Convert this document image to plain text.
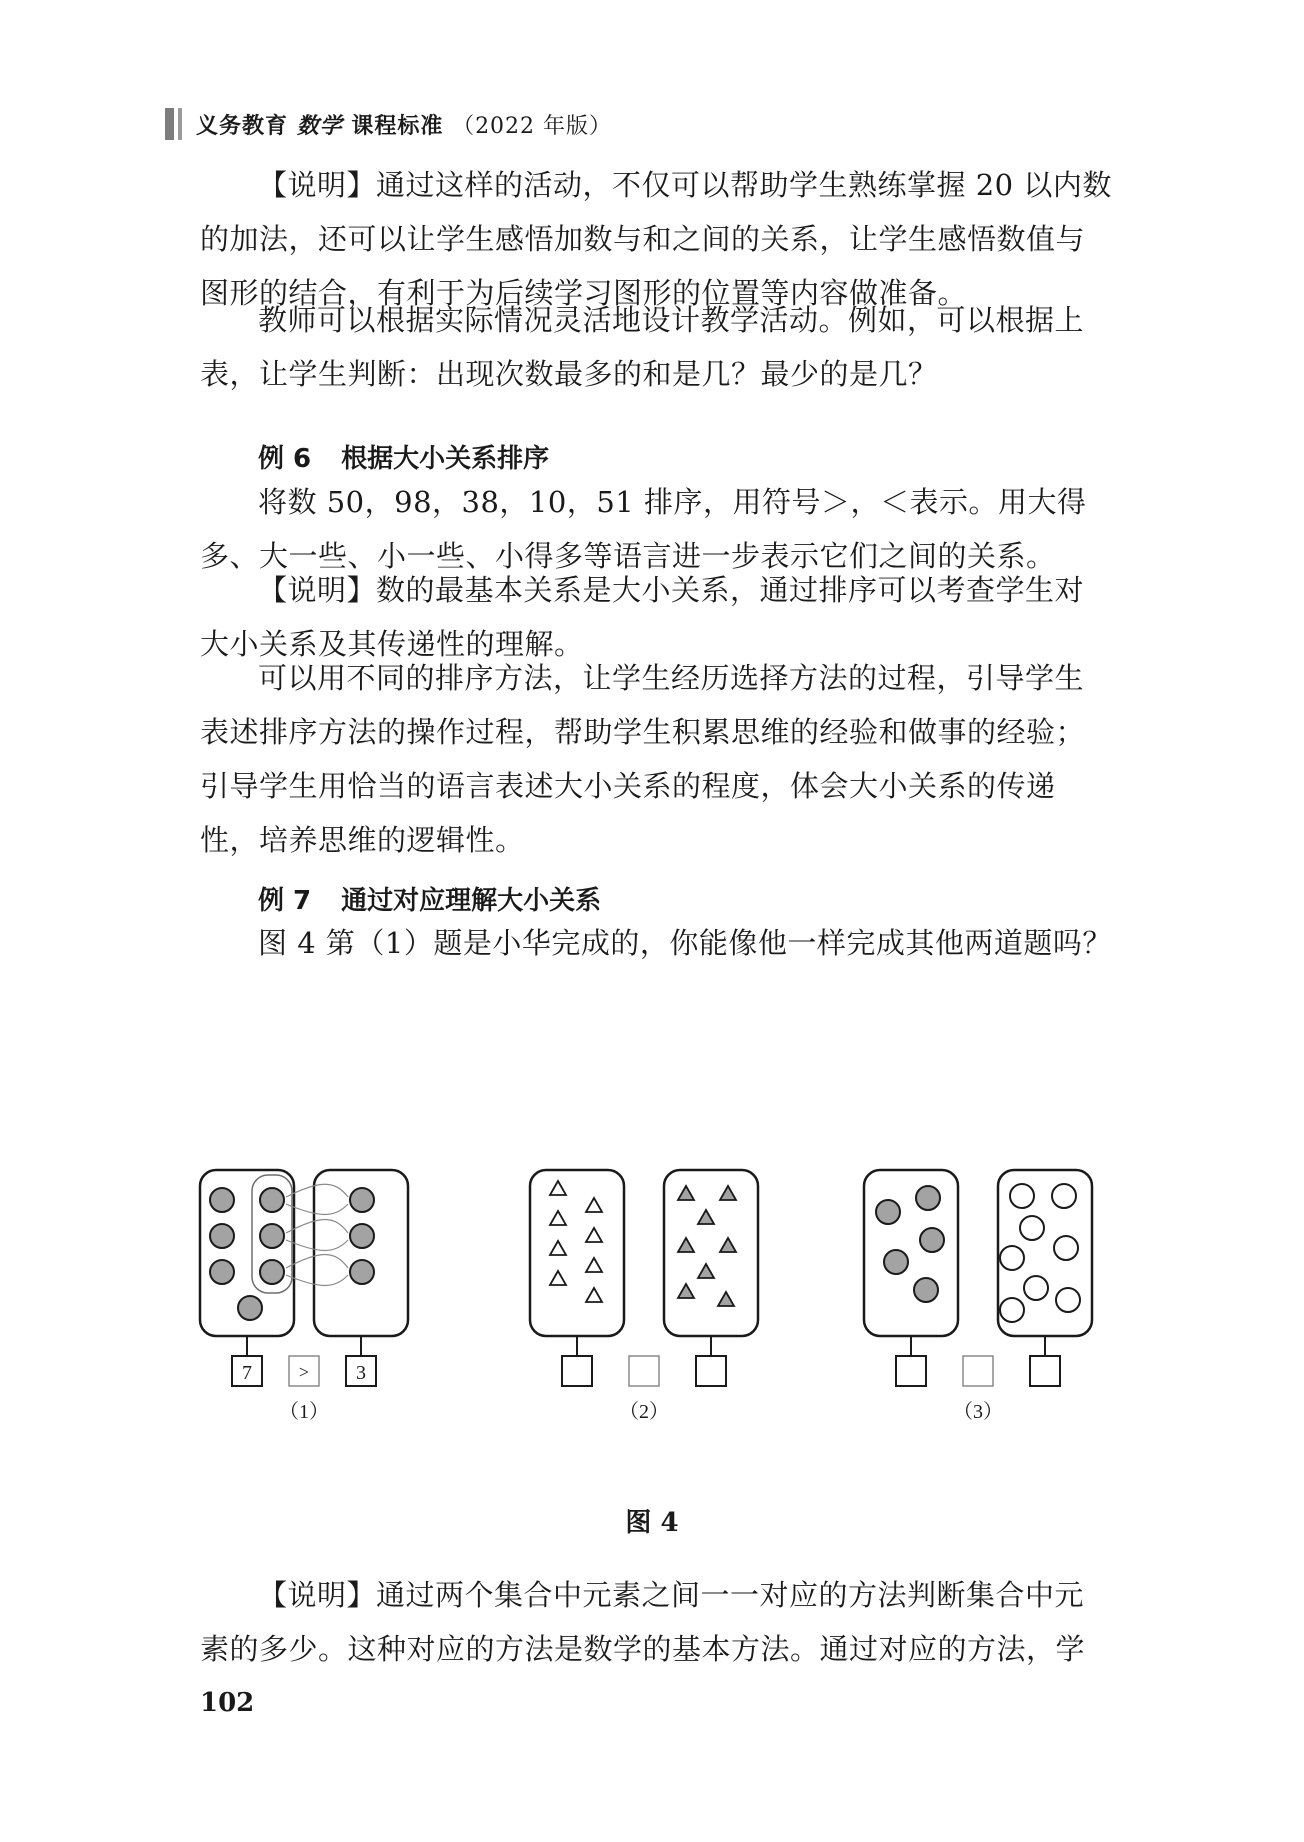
义务教育 数学 课程标准 （2022 年版）
【说明】通过这样的活动，不仅可以帮助学生熟练掌握 20 以内数的加法，还可以让学生感悟加数与和之间的关系，让学生感悟数值与图形的结合，有利于为后续学习图形的位置等内容做准备。
教师可以根据实际情况灵活地设计教学活动。例如，可以根据上表，让学生判断：出现次数最多的和是几？最少的是几？
例 6 根据大小关系排序
将数 50，98，38，10，51 排序，用符号＞，＜表示。用大得多、大一些、小一些、小得多等语言进一步表示它们之间的关系。
【说明】数的最基本关系是大小关系，通过排序可以考查学生对大小关系及其传递性的理解。
可以用不同的排序方法，让学生经历选择方法的过程，引导学生表述排序方法的操作过程，帮助学生积累思维的经验和做事的经验；引导学生用恰当的语言表述大小关系的程度，体会大小关系的传递性，培养思维的逻辑性。
例 7 通过对应理解大小关系
图 4 第（1）题是小华完成的，你能像他一样完成其他两道题吗？
7	> 3
（1）	（2）	（3）
图 4
【说明】通过两个集合中元素之间一一对应的方法判断集合中元素的多少。这种对应的方法是数学的基本方法。通过对应的方法，学
102
